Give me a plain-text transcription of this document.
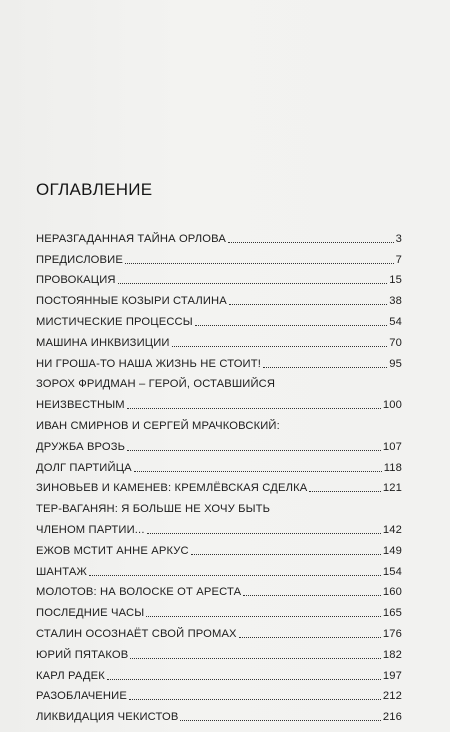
ОГЛАВЛЕНИЕ
НЕРАЗГАДАННАЯ ТАЙНА ОРЛОВА	3
ПРЕДИСЛОВИЕ	7
ПРОВОКАЦИЯ	15
ПОСТОЯННЫЕ КОЗЫРИ СТАЛИНА	38
МИСТИЧЕСКИЕ ПРОЦЕССЫ	54
МАШИНА ИНКВИЗИЦИИ	70
НИ ГРОША-ТО НАША ЖИЗНЬ НЕ СТОИТ!	95
ЗОРОХ ФРИДМАН – ГЕРОЙ, ОСТАВШИЙСЯ
НЕИЗВЕСТНЫМ	100
ИВАН СМИРНОВ И СЕРГЕЙ МРАЧКОВСКИЙ:
ДРУЖБА ВРОЗЬ	107
ДОЛГ ПАРТИЙЦА	118
ЗИНОВЬЕВ И КАМЕНЕВ: КРЕМЛЁВСКАЯ СДЕЛКА	121
ТЕР-ВАГАНЯН: Я БОЛЬШЕ НЕ ХОЧУ БЫТЬ
ЧЛЕНОМ ПАРТИИ...	142
ЕЖОВ МСТИТ АННЕ АРКУС	149
ШАНТАЖ	154
МОЛОТОВ: НА ВОЛОСКЕ ОТ АРЕСТА	160
ПОСЛЕДНИЕ ЧАСЫ	165
СТАЛИН ОСОЗНАЁТ СВОЙ ПРОМАХ	176
ЮРИЙ ПЯТАКОВ	182
КАРЛ РАДЕК	197
РАЗОБЛАЧЕНИЕ	212
ЛИКВИДАЦИЯ ЧЕКИСТОВ	216
